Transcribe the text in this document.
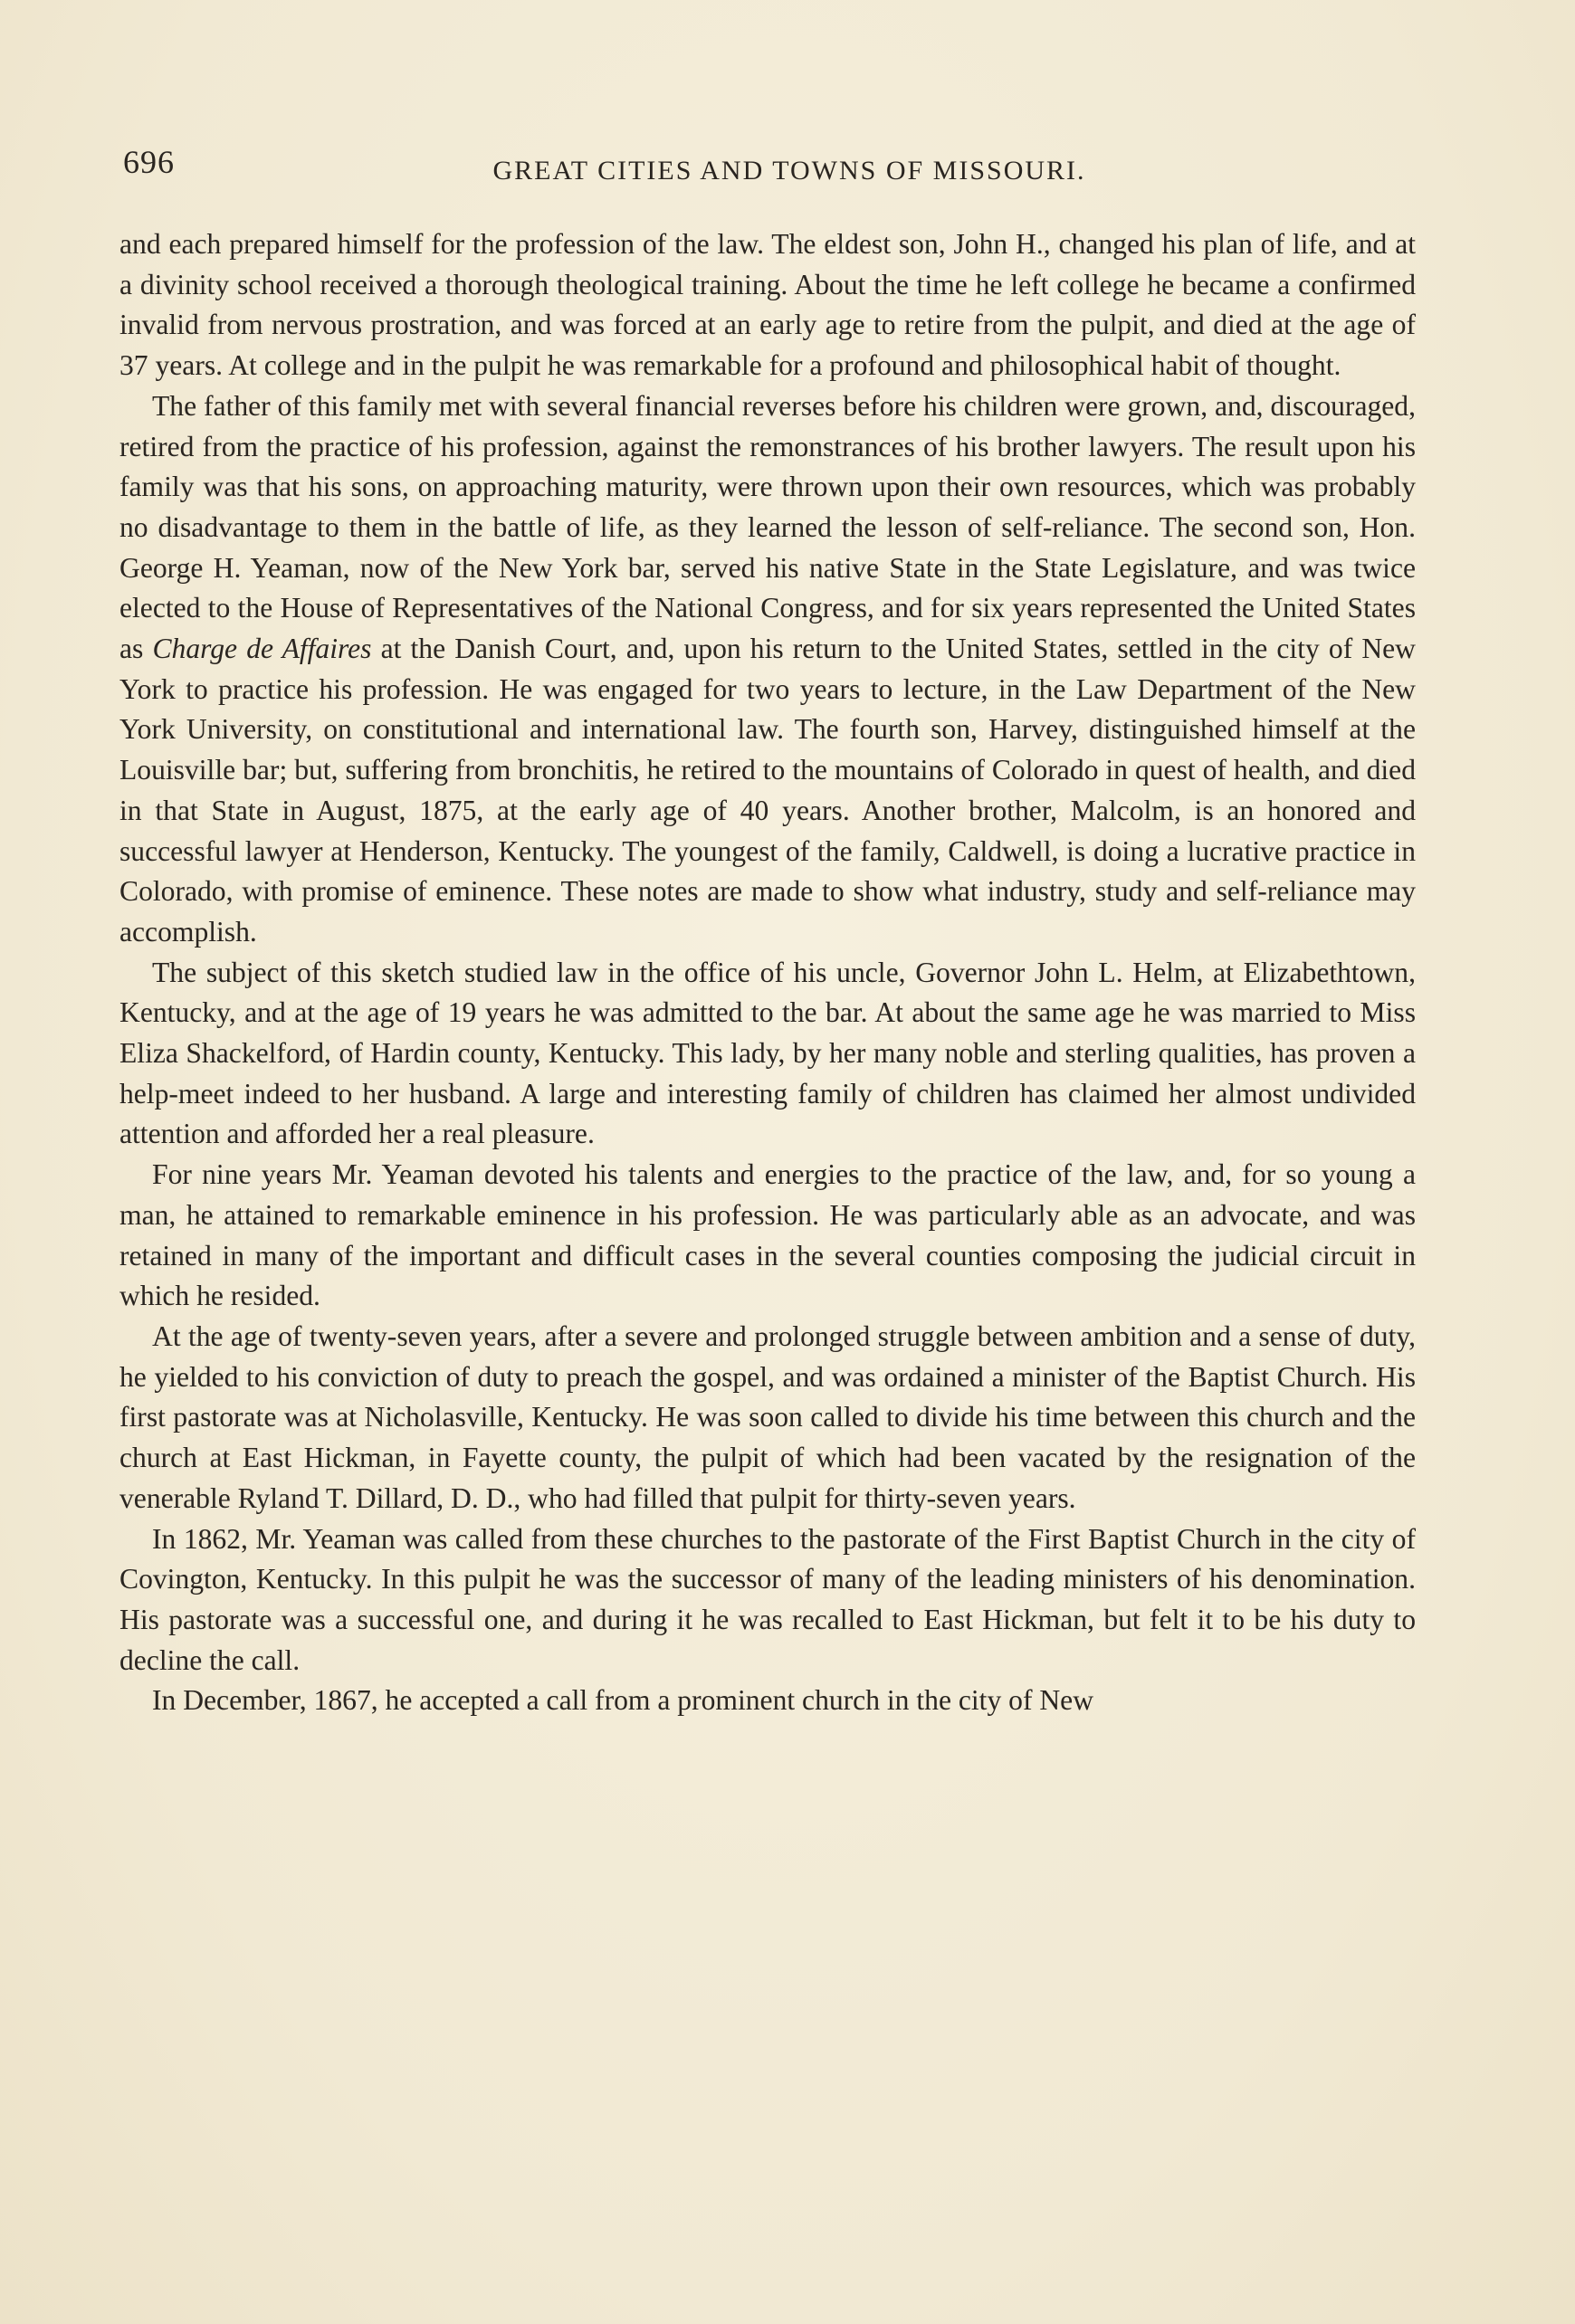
696	GREAT CITIES AND TOWNS OF MISSOURI.

and each prepared himself for the profession of the law. The eldest son, John H., changed his plan of life, and at a divinity school received a thorough theological training. About the time he left college he became a confirmed invalid from nervous prostration, and was forced at an early age to retire from the pulpit, and died at the age of 37 years. At college and in the pulpit he was remarkable for a profound and philosophical habit of thought.

The father of this family met with several financial reverses before his children were grown, and, discouraged, retired from the practice of his profession, against the remonstrances of his brother lawyers. The result upon his family was that his sons, on approaching maturity, were thrown upon their own resources, which was probably no disadvantage to them in the battle of life, as they learned the lesson of self-reliance. The second son, Hon. George H. Yeaman, now of the New York bar, served his native State in the State Legislature, and was twice elected to the House of Representatives of the National Congress, and for six years represented the United States as Charge de Affaires at the Danish Court, and, upon his return to the United States, settled in the city of New York to practice his profession. He was engaged for two years to lecture, in the Law Department of the New York University, on constitutional and international law. The fourth son, Harvey, distinguished himself at the Louisville bar; but, suffering from bronchitis, he retired to the mountains of Colorado in quest of health, and died in that State in August, 1875, at the early age of 40 years. Another brother, Malcolm, is an honored and successful lawyer at Henderson, Kentucky. The youngest of the family, Caldwell, is doing a lucrative practice in Colorado, with promise of eminence. These notes are made to show what industry, study and self-reliance may accomplish.

The subject of this sketch studied law in the office of his uncle, Governor John L. Helm, at Elizabethtown, Kentucky, and at the age of 19 years he was admitted to the bar. At about the same age he was married to Miss Eliza Shackelford, of Hardin county, Kentucky. This lady, by her many noble and sterling qualities, has proven a help-meet indeed to her husband. A large and interesting family of children has claimed her almost undivided attention and afforded her a real pleasure.

For nine years Mr. Yeaman devoted his talents and energies to the practice of the law, and, for so young a man, he attained to remarkable eminence in his profession. He was particularly able as an advocate, and was retained in many of the important and difficult cases in the several counties composing the judicial circuit in which he resided.

At the age of twenty-seven years, after a severe and prolonged struggle between ambition and a sense of duty, he yielded to his conviction of duty to preach the gospel, and was ordained a minister of the Baptist Church. His first pastorate was at Nicholasville, Kentucky. He was soon called to divide his time between this church and the church at East Hickman, in Fayette county, the pulpit of which had been vacated by the resignation of the venerable Ryland T. Dillard, D. D., who had filled that pulpit for thirty-seven years.

In 1862, Mr. Yeaman was called from these churches to the pastorate of the First Baptist Church in the city of Covington, Kentucky. In this pulpit he was the successor of many of the leading ministers of his denomination. His pastorate was a successful one, and during it he was recalled to East Hickman, but felt it to be his duty to decline the call.

In December, 1867, he accepted a call from a prominent church in the city of New
